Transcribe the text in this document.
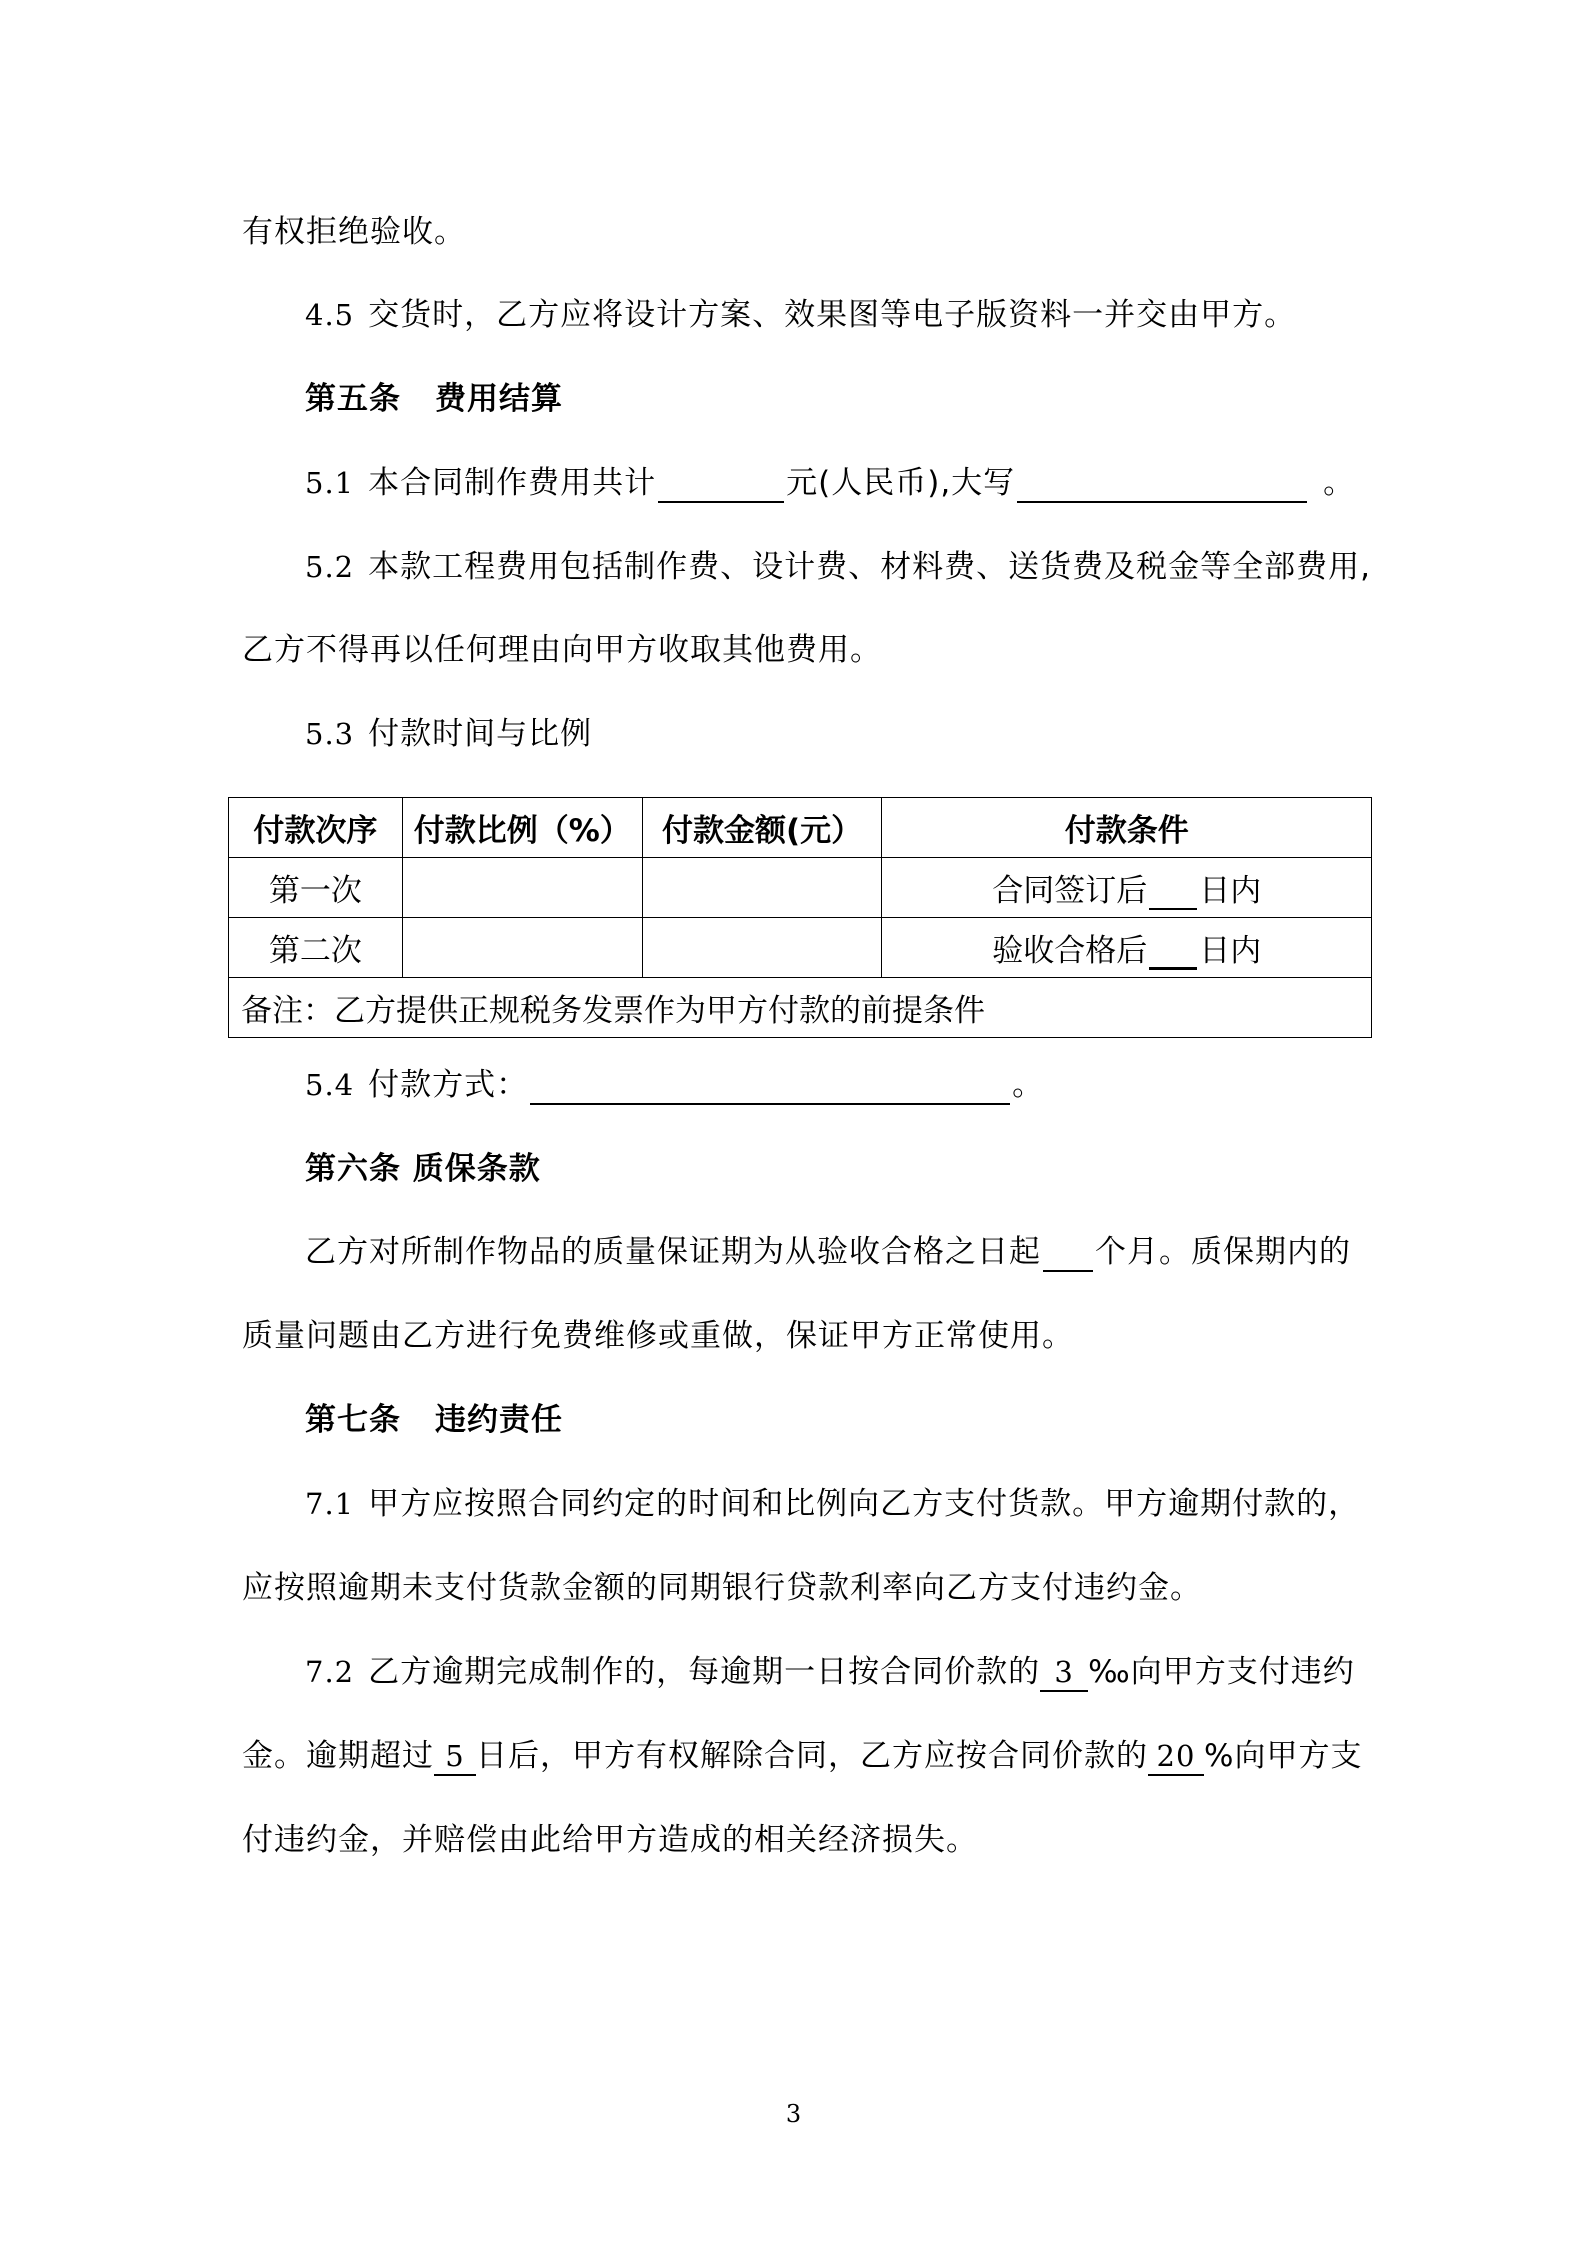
有权拒绝验收。
4.5 交货时，乙方应将设计方案、效果图等电子版资料一并交由甲方。
第五条 费用结算
5.1 本合同制作费用共计	元(人民币),大写	。
5.2 本款工程费用包括制作费、设计费、材料费、送货费及税金等全部费用,
乙方不得再以任何理由向甲方收取其他费用。
5.3 付款时间与比例
付款次序	付款比例（%）	付款金额(元）	付款条件
第一次			合同签订后 日内
第二次			验收合格后 日内
备注：乙方提供正规税务发票作为甲方付款的前提条件			
5.4 付款方式：	。
第六条 质保条款
乙方对所制作物品的质量保证期为从验收合格之日起 个月。质保期内的
质量问题由乙方进行免费维修或重做，保证甲方正常使用。
第七条 违约责任
7.1 甲方应按照合同约定的时间和比例向乙方支付货款。甲方逾期付款的，
应按照逾期未支付货款金额的同期银行贷款利率向乙方支付违约金。
7.2 乙方逾期完成制作的，每逾期一日按合同价款的 3 ‰向甲方支付违约
金。逾期超过 5 日后，甲方有权解除合同，乙方应按合同价款的 20 %向甲方支
付违约金，并赔偿由此给甲方造成的相关经济损失。
3
